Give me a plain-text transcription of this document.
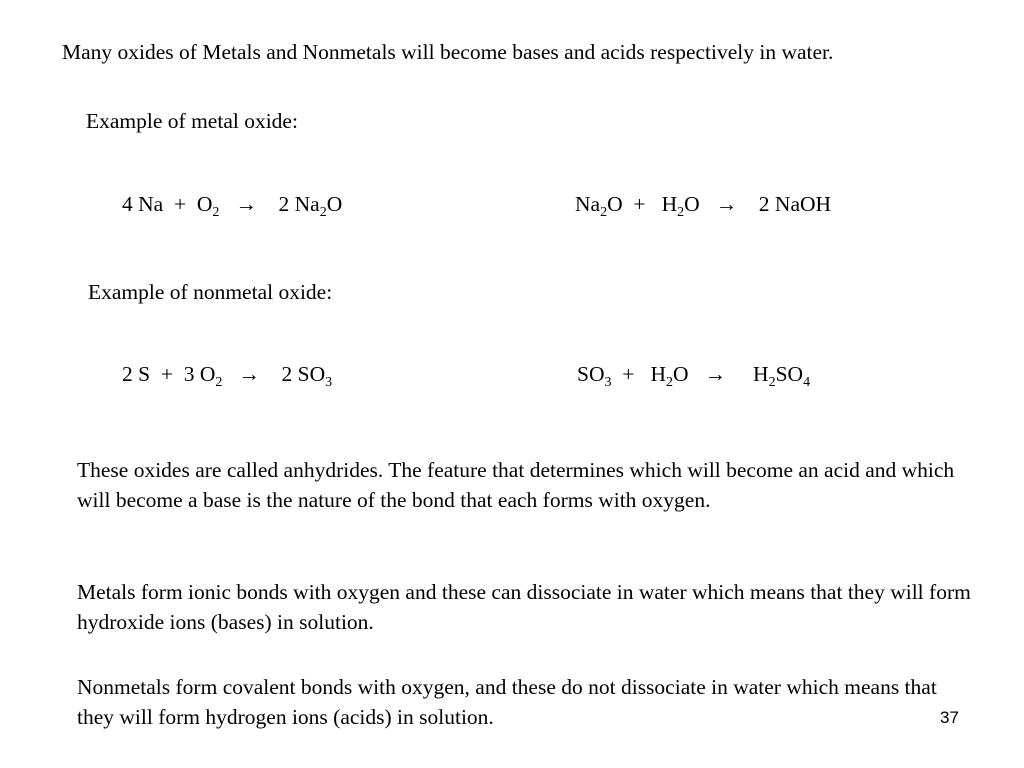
Many oxides of Metals and Nonmetals will become bases and acids respectively in water.
Example of metal oxide:
4 $Na + O_2$   →    2 $Na_2O$	$Na_2O + H_2O$   →    2 NaOH
Example of nonmetal oxide:
2 S  +  3 $O_2$   →    2 $SO_3$	$SO_3 + H_2O$   →     $H_2SO_4$
These oxides are called anhydrides. The feature that determines which will become an acid and which will become a base is the nature of the bond that each forms with oxygen.
Metals form ionic bonds with oxygen and these can dissociate in water which means that they will form hydroxide ions (bases) in solution.
Nonmetals form covalent bonds with oxygen, and these do not dissociate in water which means that they will form hydrogen ions (acids) in solution.	37
